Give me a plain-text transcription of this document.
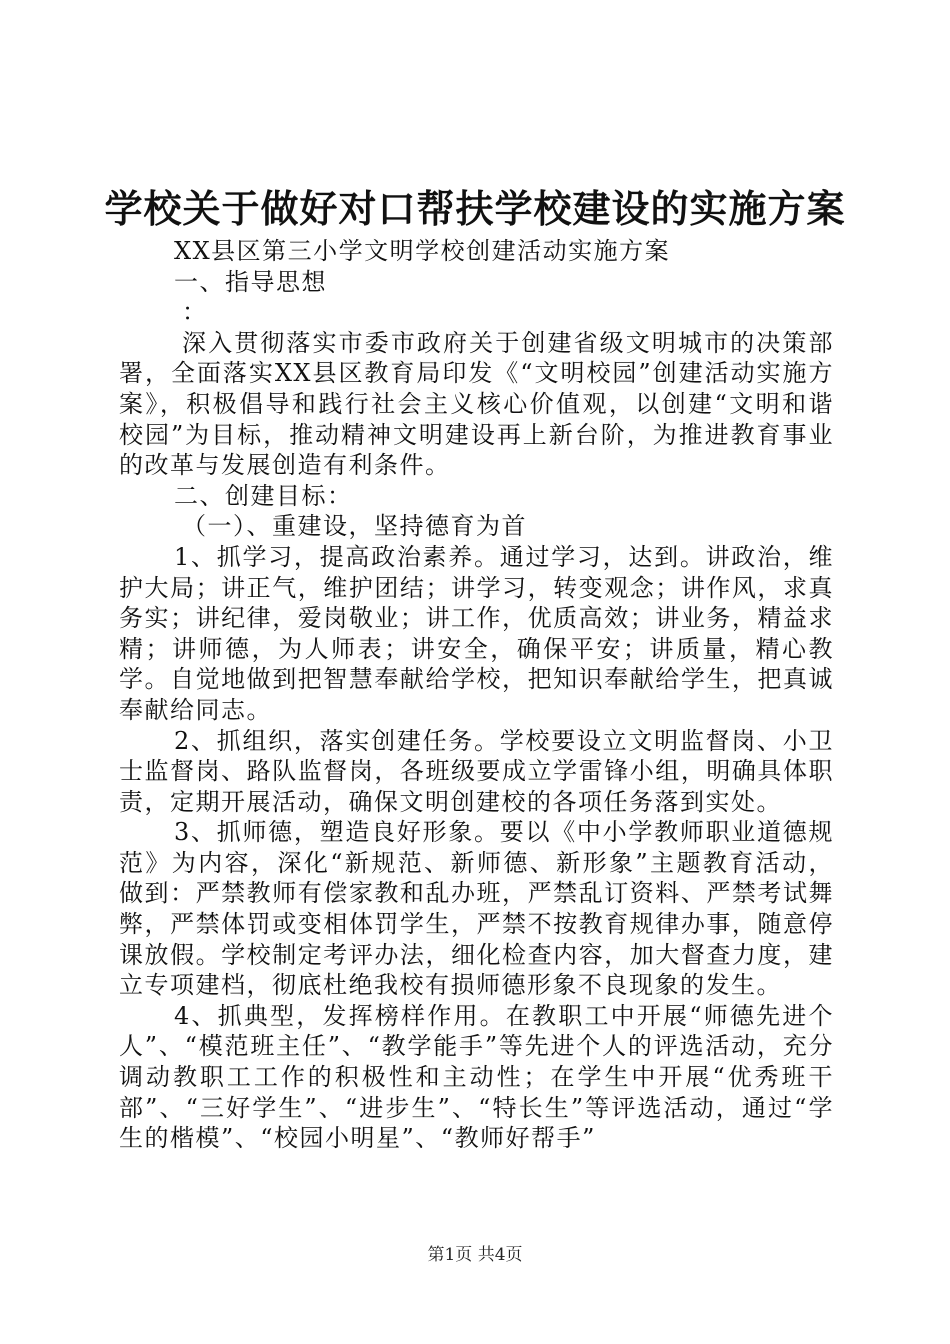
学校关于做好对口帮扶学校建设的实施方案

XX县区第三小学文明学校创建活动实施方案

一、指导思想

：

深入贯彻落实市委市政府关于创建省级文明城市的决策部署，全面落实XX县区教育局印发《“文明校园”创建活动实施方案》，积极倡导和践行社会主义核心价值观，以创建“文明和谐校园”为目标，推动精神文明建设再上新台阶，为推进教育事业的改革与发展创造有利条件。

二、创建目标：

（一）、重建设，坚持德育为首

1、抓学习，提高政治素养。通过学习，达到。讲政治，维护大局；讲正气，维护团结；讲学习，转变观念；讲作风，求真务实；讲纪律，爱岗敬业；讲工作，优质高效；讲业务，精益求精；讲师德，为人师表；讲安全，确保平安；讲质量，精心教学。自觉地做到把智慧奉献给学校，把知识奉献给学生，把真诚奉献给同志。

2、抓组织，落实创建任务。学校要设立文明监督岗、小卫士监督岗、路队监督岗，各班级要成立学雷锋小组，明确具体职责，定期开展活动，确保文明创建校的各项任务落到实处。

3、抓师德，塑造良好形象。要以《中小学教师职业道德规范》为内容，深化“新规范、新师德、新形象”主题教育活动，做到：严禁教师有偿家教和乱办班，严禁乱订资料、严禁考试舞弊，严禁体罚或变相体罚学生，严禁不按教育规律办事，随意停课放假。学校制定考评办法，细化检查内容，加大督查力度，建立专项建档，彻底杜绝我校有损师德形象不良现象的发生。

4、抓典型，发挥榜样作用。在教职工中开展“师德先进个人”、“模范班主任”、“教学能手”等先进个人的评选活动，充分调动教职工工作的积极性和主动性；在学生中开展“优秀班干部”、“三好学生”、“进步生”、“特长生”等评选活动，通过“学生的楷模”、“校园小明星”、“教师好帮手”

第1页 共4页
